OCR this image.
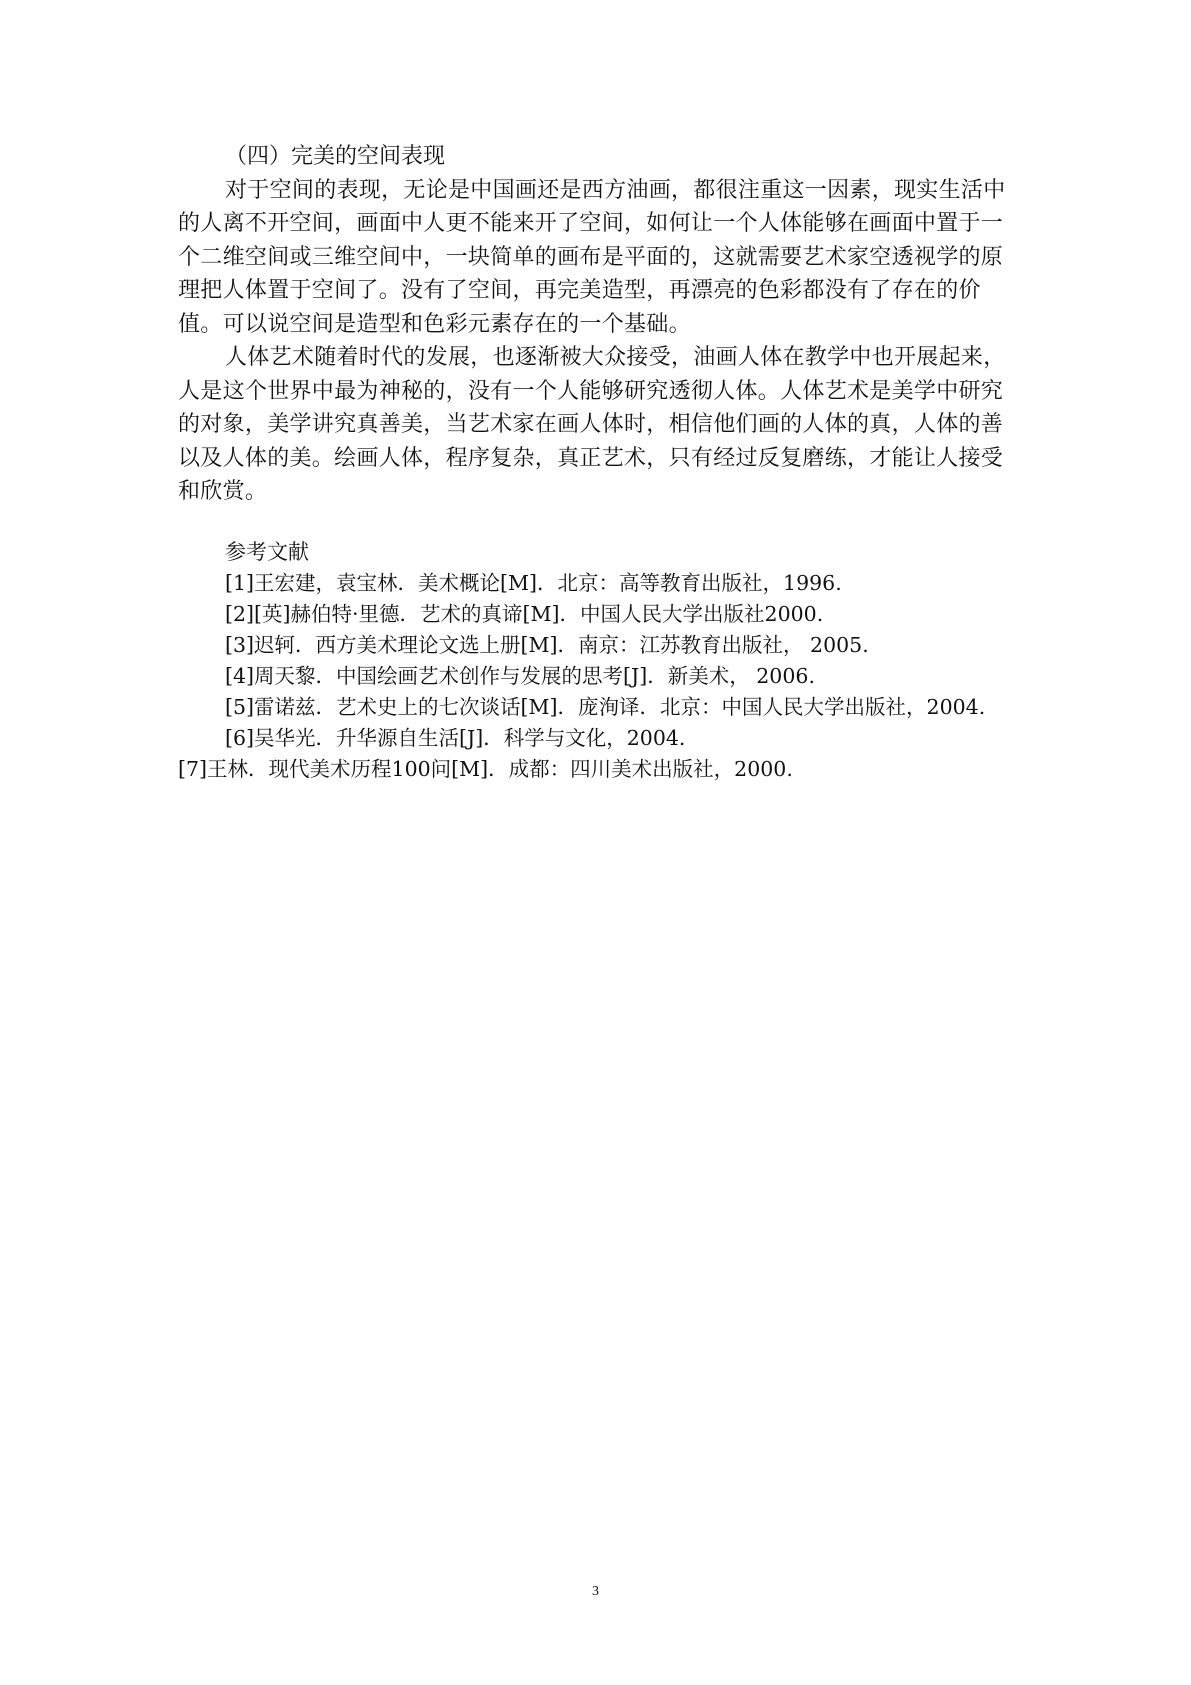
（四）完美的空间表现

对于空间的表现，无论是中国画还是西方油画，都很注重这一因素，现实生活中的人离不开空间，画面中人更不能来开了空间，如何让一个人体能够在画面中置于一个二维空间或三维空间中，一块简单的画布是平面的，这就需要艺术家空透视学的原理把人体置于空间了。没有了空间，再完美造型，再漂亮的色彩都没有了存在的价值。可以说空间是造型和色彩元素存在的一个基础。

人体艺术随着时代的发展，也逐渐被大众接受，油画人体在教学中也开展起来，人是这个世界中最为神秘的，没有一个人能够研究透彻人体。人体艺术是美学中研究的对象，美学讲究真善美，当艺术家在画人体时，相信他们画的人体的真，人体的善以及人体的美。绘画人体，程序复杂，真正艺术，只有经过反复磨练，才能让人接受和欣赏。

参考文献

[1]王宏建，袁宝林．美术概论[M]．北京：高等教育出版社，1996.

[2][英]赫伯特·里德．艺术的真谛[M]．中国人民大学出版社2000.

[3]迟轲．西方美术理论文选上册[M]．南京：江苏教育出版社， 2005.

[4]周天黎．中国绘画艺术创作与发展的思考[J]．新美术， 2006.

[5]雷诺兹．艺术史上的七次谈话[M]．庞洵译．北京：中国人民大学出版社，2004.

[6]吴华光．升华源自生活[J]．科学与文化，2004.

[7]王林．现代美术历程100问[M]．成都：四川美术出版社，2000.

3
